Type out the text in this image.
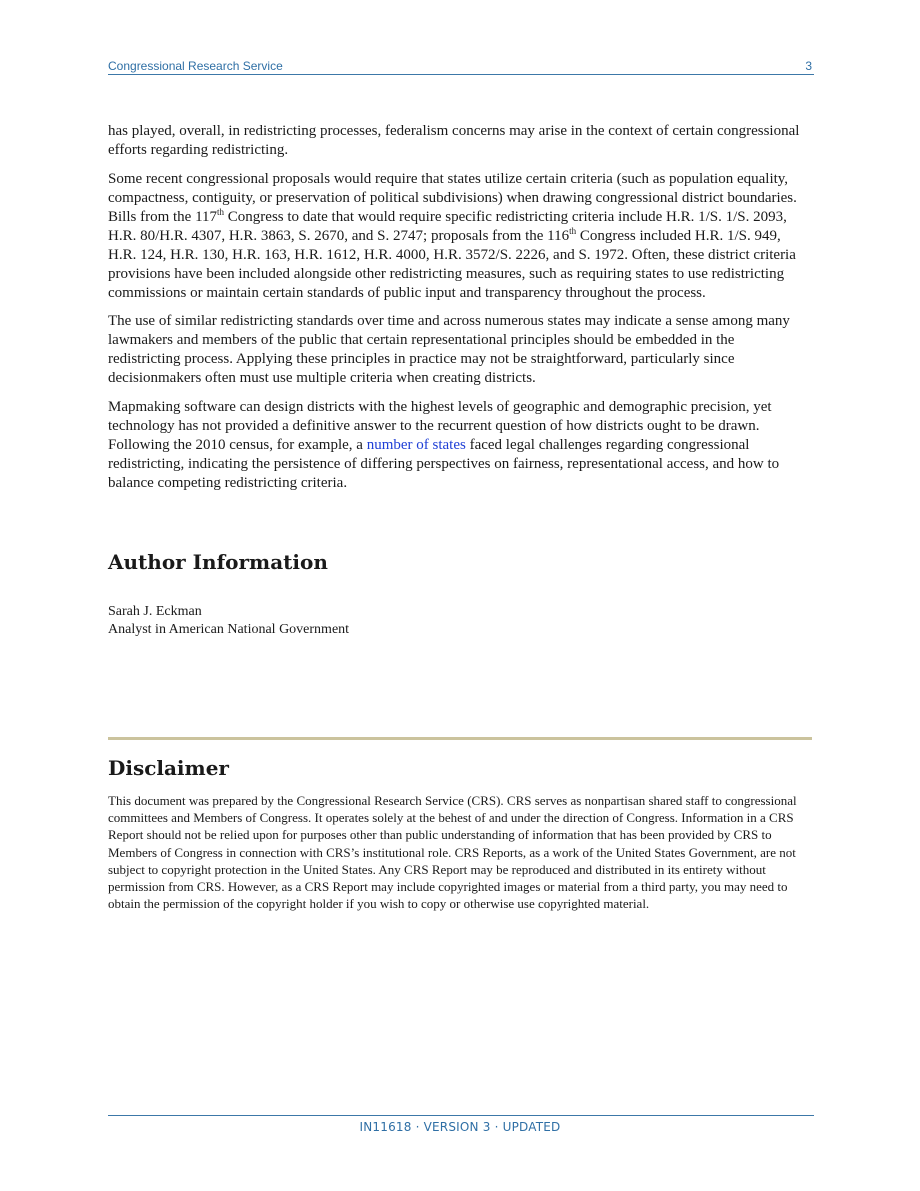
Congressional Research Service	3

has played, overall, in redistricting processes, federalism concerns may arise in the context of certain congressional efforts regarding redistricting.

Some recent congressional proposals would require that states utilize certain criteria (such as population equality, compactness, contiguity, or preservation of political subdivisions) when drawing congressional district boundaries. Bills from the 117th Congress to date that would require specific redistricting criteria include H.R. 1/S. 1/S. 2093, H.R. 80/H.R. 4307, H.R. 3863, S. 2670, and S. 2747; proposals from the 116th Congress included H.R. 1/S. 949, H.R. 124, H.R. 130, H.R. 163, H.R. 1612, H.R. 4000, H.R. 3572/S. 2226, and S. 1972. Often, these district criteria provisions have been included alongside other redistricting measures, such as requiring states to use redistricting commissions or maintain certain standards of public input and transparency throughout the process.

The use of similar redistricting standards over time and across numerous states may indicate a sense among many lawmakers and members of the public that certain representational principles should be embedded in the redistricting process. Applying these principles in practice may not be straightforward, particularly since decisionmakers often must use multiple criteria when creating districts.

Mapmaking software can design districts with the highest levels of geographic and demographic precision, yet technology has not provided a definitive answer to the recurrent question of how districts ought to be drawn. Following the 2010 census, for example, a number of states faced legal challenges regarding congressional redistricting, indicating the persistence of differing perspectives on fairness, representational access, and how to balance competing redistricting criteria.

Author Information
Sarah J. Eckman
Analyst in American National Government
Disclaimer
This document was prepared by the Congressional Research Service (CRS). CRS serves as nonpartisan shared staff to congressional committees and Members of Congress. It operates solely at the behest of and under the direction of Congress. Information in a CRS Report should not be relied upon for purposes other than public understanding of information that has been provided by CRS to Members of Congress in connection with CRS’s institutional role. CRS Reports, as a work of the United States Government, are not subject to copyright protection in the United States. Any CRS Report may be reproduced and distributed in its entirety without permission from CRS. However, as a CRS Report may include copyrighted images or material from a third party, you may need to obtain the permission of the copyright holder if you wish to copy or otherwise use copyrighted material.
IN11618 · VERSION 3 · UPDATED
